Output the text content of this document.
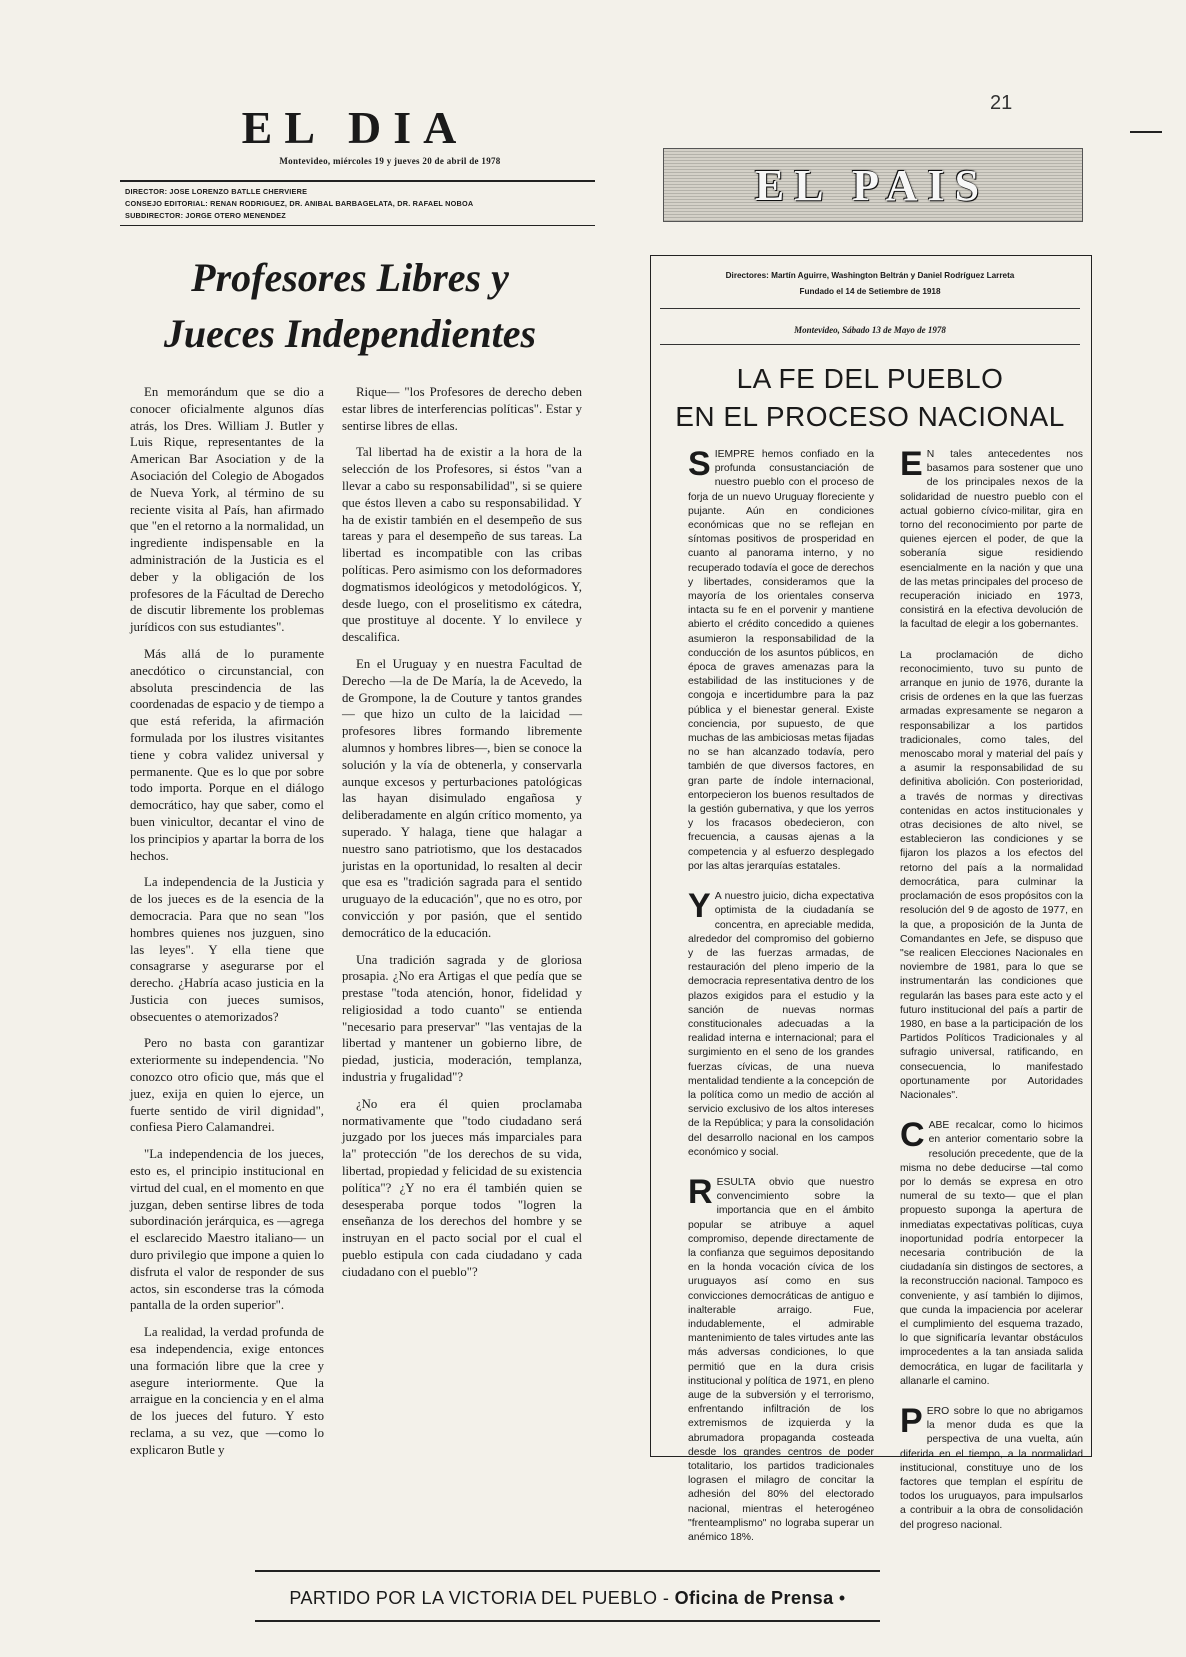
21
EL DIA
Montevideo, miércoles 19 y jueves 20 de abril de 1978
DIRECTOR: JOSE LORENZO BATLLE CHERVIERE
CONSEJO EDITORIAL: RENAN RODRIGUEZ, DR. ANIBAL BARBAGELATA, DR. RAFAEL NOBOA
SUBDIRECTOR: JORGE OTERO MENENDEZ
Profesores Libres y
Jueces Independientes

En memorándum que se dio a conocer oficialmente algunos días atrás, los Dres. William J. Butler y Luis Rique, representantes de la American Bar Asociation y de la Asociación del Colegio de Abogados de Nueva York, al término de su reciente visita al País, han afirmado que "en el retorno a la normalidad, un ingrediente indispensable en la administración de la Justicia es el deber y la obligación de los profesores de la Fácultad de Derecho de discutir libremente los problemas jurídicos con sus estudiantes".

Más allá de lo puramente anecdótico o circunstancial, con absoluta prescindencia de las coordenadas de espacio y de tiempo a que está referida, la afirmación formulada por los ilustres visitantes tiene y cobra validez universal y permanente. Que es lo que por sobre todo importa. Porque en el diálogo democrático, hay que saber, como el buen vinicultor, decantar el vino de los principios y apartar la borra de los hechos.

La independencia de la Justicia y de los jueces es de la esencia de la democracia. Para que no sean "los hombres quienes nos juzguen, sino las leyes". Y ella tiene que consagrarse y asegurarse por el derecho. ¿Habría acaso justicia en la Justicia con jueces sumisos, obsecuentes o atemorizados?

Pero no basta con garantizar exteriormente su independencia. "No conozco otro oficio que, más que el juez, exija en quien lo ejerce, un fuerte sentido de viril dignidad", confiesa Piero Calamandrei.

"La independencia de los jueces, esto es, el principio institucional en virtud del cual, en el momento en que juzgan, deben sentirse libres de toda subordinación jerárquica, es —agrega el esclarecido Maestro italiano— un duro privilegio que impone a quien lo disfruta el valor de responder de sus actos, sin esconderse tras la cómoda pantalla de la orden superior".

La realidad, la verdad profunda de esa independencia, exige entonces una formación libre que la cree y asegure interiormente. Que la arraigue en la conciencia y en el alma de los jueces del futuro. Y esto reclama, a su vez, que —como lo explicaron Butle y

Rique— "los Profesores de derecho deben estar libres de interferencias políticas". Estar y sentirse libres de ellas.

Tal libertad ha de existir a la hora de la selección de los Profesores, si éstos "van a llevar a cabo su responsabilidad", si se quiere que éstos lleven a cabo su responsabilidad. Y ha de existir también en el desempeño de sus tareas y para el desempeño de sus tareas. La libertad es incompatible con las cribas políticas. Pero asimismo con los deformadores dogmatismos ideológicos y metodológicos. Y, desde luego, con el proselitismo ex cátedra, que prostituye al docente. Y lo envilece y descalifica.

En el Uruguay y en nuestra Facultad de Derecho —la de De María, la de Acevedo, la de Grompone, la de Couture y tantos grandes— que hizo un culto de la laicidad —profesores libres formando libremente alumnos y hombres libres—, bien se conoce la solución y la vía de obtenerla, y conservarla aunque excesos y perturbaciones patológicas las hayan disimulado engañosa y deliberadamente en algún crítico momento, ya superado. Y halaga, tiene que halagar a nuestro sano patriotismo, que los destacados juristas en la oportunidad, lo resalten al decir que esa es "tradición sagrada para el sentido uruguayo de la educación", que no es otro, por convicción y por pasión, que el sentido democrático de la educación.

Una tradición sagrada y de gloriosa prosapia. ¿No era Artigas el que pedía que se prestase "toda atención, honor, fidelidad y religiosidad a todo cuanto" se entienda "necesario para preservar" "las ventajas de la libertad y mantener un gobierno libre, de piedad, justicia, moderación, templanza, industria y frugalidad"?

¿No era él quien proclamaba normativamente que "todo ciudadano será juzgado por los jueces más imparciales para la" protección "de los derechos de su vida, libertad, propiedad y felicidad de su existencia política"? ¿Y no era él también quien se desesperaba porque todos "logren la enseñanza de los derechos del hombre y se instruyan en el pacto social por el cual el pueblo estipula con cada ciudadano y cada ciudadano con el pueblo"?

EL PAIS
Directores: Martín Aguirre, Washington Beltrán y Daniel Rodríguez Larreta
Fundado el 14 de Setiembre de 1918
Montevideo, Sábado 13 de Mayo de 1978
LA FE DEL PUEBLO
EN EL PROCESO NACIONAL

SIEMPRE hemos confiado en la profunda consustanciación de nuestro pueblo con el proceso de forja de un nuevo Uruguay floreciente y pujante. Aún en condiciones económicas que no se reflejan en síntomas positivos de prosperidad en cuanto al panorama interno, y no recuperado todavía el goce de derechos y libertades, consideramos que la mayoría de los orientales conserva intacta su fe en el porvenir y mantiene abierto el crédito concedido a quienes asumieron la responsabilidad de la conducción de los asuntos públicos, en época de graves amenazas para la estabilidad de las instituciones y de congoja e incertidumbre para la paz pública y el bienestar general. Existe conciencia, por supuesto, de que muchas de las ambiciosas metas fijadas no se han alcanzado todavía, pero también de que diversos factores, en gran parte de índole internacional, entorpecieron los buenos resultados de la gestión gubernativa, y que los yerros y los fracasos obedecieron, con frecuencia, a causas ajenas a la competencia y al esfuerzo desplegado por las altas jerarquías estatales.

Y A nuestro juicio, dicha expectativa optimista de la ciudadanía se concentra, en apreciable medida, alrededor del compromiso del gobierno y de las fuerzas armadas, de restauración del pleno imperio de la democracia representativa dentro de los plazos exigidos para el estudio y la sanción de nuevas normas constitucionales adecuadas a la realidad interna e internacional; para el surgimiento en el seno de los grandes fuerzas cívicas, de una nueva mentalidad tendiente a la concepción de la política como un medio de acción al servicio exclusivo de los altos intereses de la República; y para la consolidación del desarrollo nacional en los campos económico y social.

RESULTA obvio que nuestro convencimiento sobre la importancia que en el ámbito popular se atribuye a aquel compromiso, depende directamente de la confianza que seguimos depositando en la honda vocación cívica de los uruguayos así como en sus convicciones democráticas de antiguo e inalterable arraigo. Fue, indudablemente, el admirable mantenimiento de tales virtudes ante las más adversas condiciones, lo que permitió que en la dura crisis institucional y política de 1971, en pleno auge de la subversión y el terrorismo, enfrentando infiltración de los extremismos de izquierda y la abrumadora propaganda costeada desde los grandes centros de poder totalitario, los partidos tradicionales lograsen el milagro de concitar la adhesión del 80% del electorado nacional, mientras el heterogéneo "frenteamplismo" no lograba superar un anémico 18%.

E N tales antecedentes nos basamos para sostener que uno de los principales nexos de la solidaridad de nuestro pueblo con el actual gobierno cívico-militar, gira en torno del reconocimiento por parte de quienes ejercen el poder, de que la soberanía sigue residiendo esencialmente en la nación y que una de las metas principales del proceso de recuperación iniciado en 1973, consistirá en la efectiva devolución de la facultad de elegir a los gobernantes.

La proclamación de dicho reconocimiento, tuvo su punto de arranque en junio de 1976, durante la crisis de ordenes en la que las fuerzas armadas expresamente se negaron a responsabilizar a los partidos tradicionales, como tales, del menoscabo moral y material del país y a asumir la responsabilidad de su definitiva abolición. Con posterioridad, a través de normas y directivas contenidas en actos institucionales y otras decisiones de alto nivel, se establecieron las condiciones y se fijaron los plazos a los efectos del retorno del país a la normalidad democrática, para culminar la proclamación de esos propósitos con la resolución del 9 de agosto de 1977, en la que, a proposición de la Junta de Comandantes en Jefe, se dispuso que "se realicen Elecciones Nacionales en noviembre de 1981, para lo que se instrumentarán las condiciones que regularán las bases para este acto y el futuro institucional del país a partir de 1980, en base a la participación de los Partidos Políticos Tradicionales y al sufragio universal, ratificando, en consecuencia, lo manifestado oportunamente por Autoridades Nacionales".

CABE recalcar, como lo hicimos en anterior comentario sobre la resolución precedente, que de la misma no debe deducirse —tal como por lo demás se expresa en otro numeral de su texto— que el plan propuesto suponga la apertura de inmediatas expectativas políticas, cuya inoportunidad podría entorpecer la necesaria contribución de la ciudadanía sin distingos de sectores, a la reconstrucción nacional. Tampoco es conveniente, y así también lo dijimos, que cunda la impaciencia por acelerar el cumplimiento del esquema trazado, lo que significaría levantar obstáculos improcedentes a la tan ansiada salida democrática, en lugar de facilitarla y allanarle el camino.

PERO sobre lo que no abrigamos la menor duda es que la perspectiva de una vuelta, aún diferida en el tiempo, a la normalidad institucional, constituye uno de los factores que templan el espíritu de todos los uruguayos, para impulsarlos a contribuir a la obra de consolidación del progreso nacional.

PARTIDO POR LA VICTORIA DEL PUEBLO - Oficina de Prensa •
